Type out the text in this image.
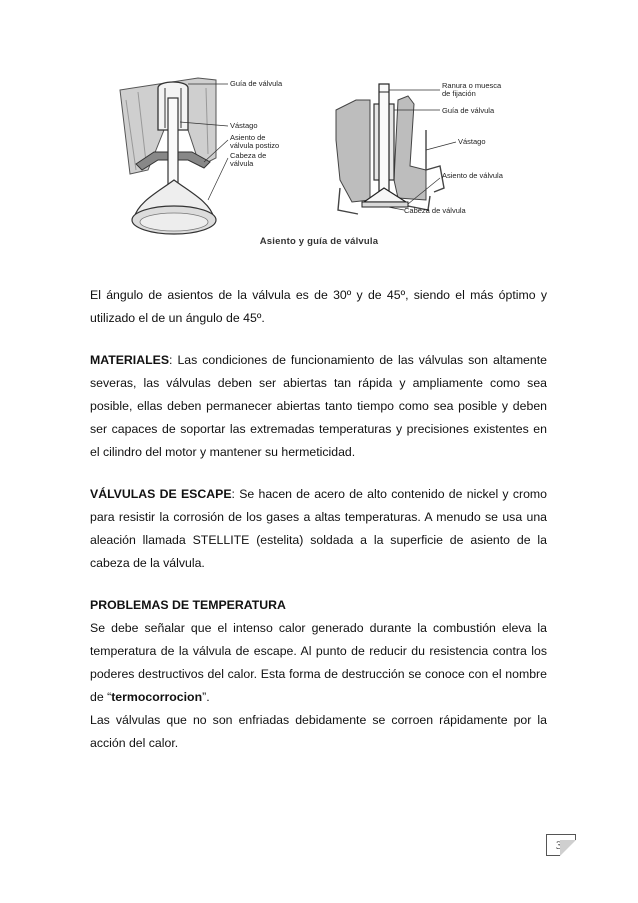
Guía de válvula
Vástago
Asiento de
válvula postizo
Cabeza de
válvula
Ranura o muesca
de fijación
Guía de válvula
Vástago
Asiento de válvula
Cabeza de válvula
Asiento y guía de válvula

El ángulo de asientos de la válvula es de 30º y de 45º, siendo el más óptimo y utilizado el de un ángulo de 45º.

MATERIALES: Las condiciones de funcionamiento de las válvulas son altamente severas, las válvulas deben ser abiertas tan rápida y ampliamente como sea posible, ellas deben permanecer abiertas tanto tiempo como sea posible y deben ser capaces de soportar las extremadas temperaturas y precisiones existentes en el cilindro del motor y mantener su hermeticidad.

VÁLVULAS DE ESCAPE: Se hacen de acero de alto contenido de nickel y cromo para resistir la corrosión de los gases a altas temperaturas. A menudo se usa una aleación llamada STELLITE (estelita) soldada a la superficie de asiento de la cabeza de la válvula.

PROBLEMAS DE TEMPERATURA

Se debe señalar que el intenso calor generado durante la combustión eleva la temperatura de la válvula de escape. Al punto de reducir du resistencia contra los poderes destructivos del calor. Esta forma de destrucción se conoce con el nombre de “termocorrocion”.

Las válvulas que no son enfriadas debidamente se corroen rápidamente por la acción del calor.

3
